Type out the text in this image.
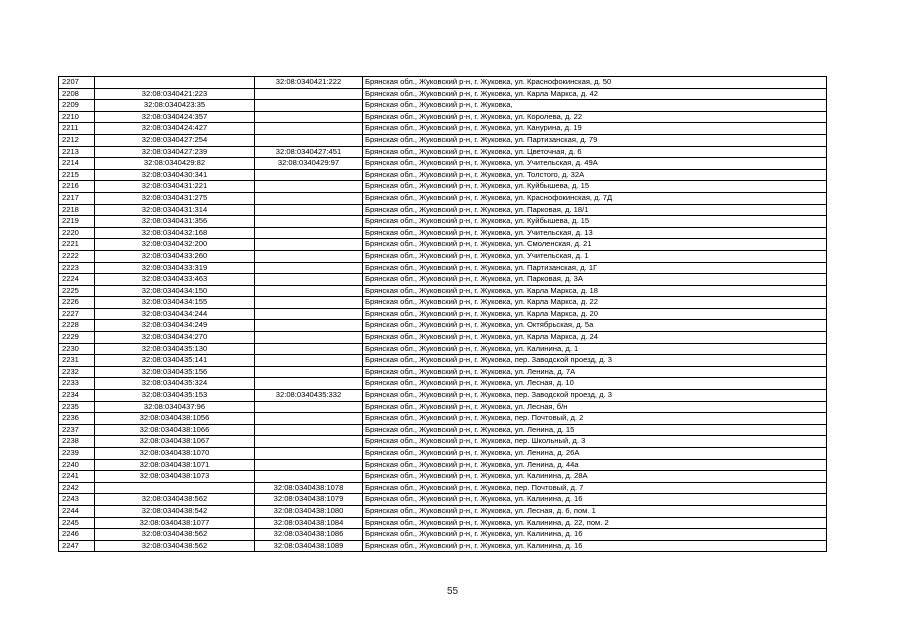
2207		32:08:0340421:222	Брянская обл., Жуковский р-н, г. Жуковка, ул. Краснофокинская, д. 50
2208	32:08:0340421:223		Брянская обл., Жуковский р-н, г. Жуковка, ул. Карла Маркса, д. 42
2209	32:08:0340423:35		Брянская обл., Жуковский р-н, г. Жуковка,
2210	32:08:0340424:357		Брянская обл., Жуковский р-н, г. Жуковка, ул. Королева, д. 22
2211	32:08:0340424:427		Брянская обл., Жуковский р-н, г. Жуковка, ул. Канурина, д. 19
2212	32:08:0340427:254		Брянская обл., Жуковский р-н, г. Жуковка, ул. Партизанская, д. 79
2213	32:08:0340427:239	32:08:0340427:451	Брянская обл., Жуковский р-н, г. Жуковка, ул. Цветочная, д. 6
2214	32:08:0340429:82	32:08:0340429:97	Брянская обл., Жуковский р-н, г. Жуковка, ул. Учительская, д. 49А
2215	32:08:0340430:341		Брянская обл., Жуковский р-н, г. Жуковка, ул. Толстого, д. 32А
2216	32:08:0340431:221		Брянская обл., Жуковский р-н, г. Жуковка, ул. Куйбышева, д. 15
2217	32:08:0340431:275		Брянская обл., Жуковский р-н, г. Жуковка, ул. Краснофокинская, д. 7Д
2218	32:08:0340431:314		Брянская обл., Жуковский р-н, г. Жуковка, ул. Парковая, д. 18/1
2219	32:08:0340431:356		Брянская обл., Жуковский р-н, г. Жуковка, ул. Куйбышева, д. 15
2220	32:08:0340432:168		Брянская обл., Жуковский р-н, г. Жуковка, ул. Учительская, д. 13
2221	32:08:0340432:200		Брянская обл., Жуковский р-н, г. Жуковка, ул. Смоленская, д. 21
2222	32:08:0340433:260		Брянская обл., Жуковский р-н, г. Жуковка, ул. Учительская, д. 1
2223	32:08:0340433:319		Брянская обл., Жуковский р-н, г. Жуковка, ул. Партизанская, д. 1Г
2224	32:08:0340433:463		Брянская обл., Жуковский р-н, г. Жуковка, ул. Парковая, д. 3А
2225	32:08:0340434:150		Брянская обл., Жуковский р-н, г. Жуковка, ул. Карла Маркса, д. 18
2226	32:08:0340434:155		Брянская обл., Жуковский р-н, г. Жуковка, ул. Карла Маркса, д. 22
2227	32:08:0340434:244		Брянская обл., Жуковский р-н, г. Жуковка, ул. Карла Маркса, д. 20
2228	32:08:0340434:249		Брянская обл., Жуковский р-н, г. Жуковка, ул. Октябрьская, д. 5а
2229	32:08:0340434:270		Брянская обл., Жуковский р-н, г. Жуковка, ул. Карла Маркса, д. 24
2230	32:08:0340435:130		Брянская обл., Жуковский р-н, г. Жуковка, ул. Калинина, д. 1
2231	32:08:0340435:141		Брянская обл., Жуковский р-н, г. Жуковка, пер. Заводской проезд, д. 3
2232	32:08:0340435:156		Брянская обл., Жуковский р-н, г. Жуковка, ул. Ленина, д. 7А
2233	32:08:0340435:324		Брянская обл., Жуковский р-н, г. Жуковка, ул. Лесная, д. 10
2234	32:08:0340435:153	32:08:0340435:332	Брянская обл., Жуковский р-н, г. Жуковка, пер. Заводской проезд, д. 3
2235	32:08:0340437:96		Брянская обл., Жуковский р-н, г. Жуковка, ул. Лесная, б/н
2236	32:08:0340438:1056		Брянская обл., Жуковский р-н, г. Жуковка, пер. Почтовый, д. 2
2237	32:08:0340438:1066		Брянская обл., Жуковский р-н, г. Жуковка, ул. Ленина, д. 15
2238	32:08:0340438:1067		Брянская обл., Жуковский р-н, г. Жуковка, пер. Школьный, д. 3
2239	32:08:0340438:1070		Брянская обл., Жуковский р-н, г. Жуковка, ул. Ленина, д. 26А
2240	32:08:0340438:1071		Брянская обл., Жуковский р-н, г. Жуковка, ул. Ленина, д. 44а
2241	32:08:0340438:1073		Брянская обл., Жуковский р-н, г. Жуковка, ул. Калинина, д. 28А
2242		32:08:0340438:1078	Брянская обл., Жуковский р-н, г. Жуковка, пер. Почтовый, д. 7
2243	32:08:0340438:562	32:08:0340438:1079	Брянская обл., Жуковский р-н, г. Жуковка, ул. Калинина, д. 16
2244	32:08:0340438:542	32:08:0340438:1080	Брянская обл., Жуковский р-н, г. Жуковка, ул. Лесная, д. 6, пом. 1
2245	32:08:0340438:1077	32:08:0340438:1084	Брянская обл., Жуковский р-н, г. Жуковка, ул. Калинина, д. 22, пом. 2
2246	32:08:0340438:562	32:08:0340438:1086	Брянская обл., Жуковский р-н, г. Жуковка, ул. Калинина, д. 16
2247	32:08:0340438:562	32:08:0340438:1089	Брянская обл., Жуковский р-н, г. Жуковка, ул. Калинина, д. 16
55
